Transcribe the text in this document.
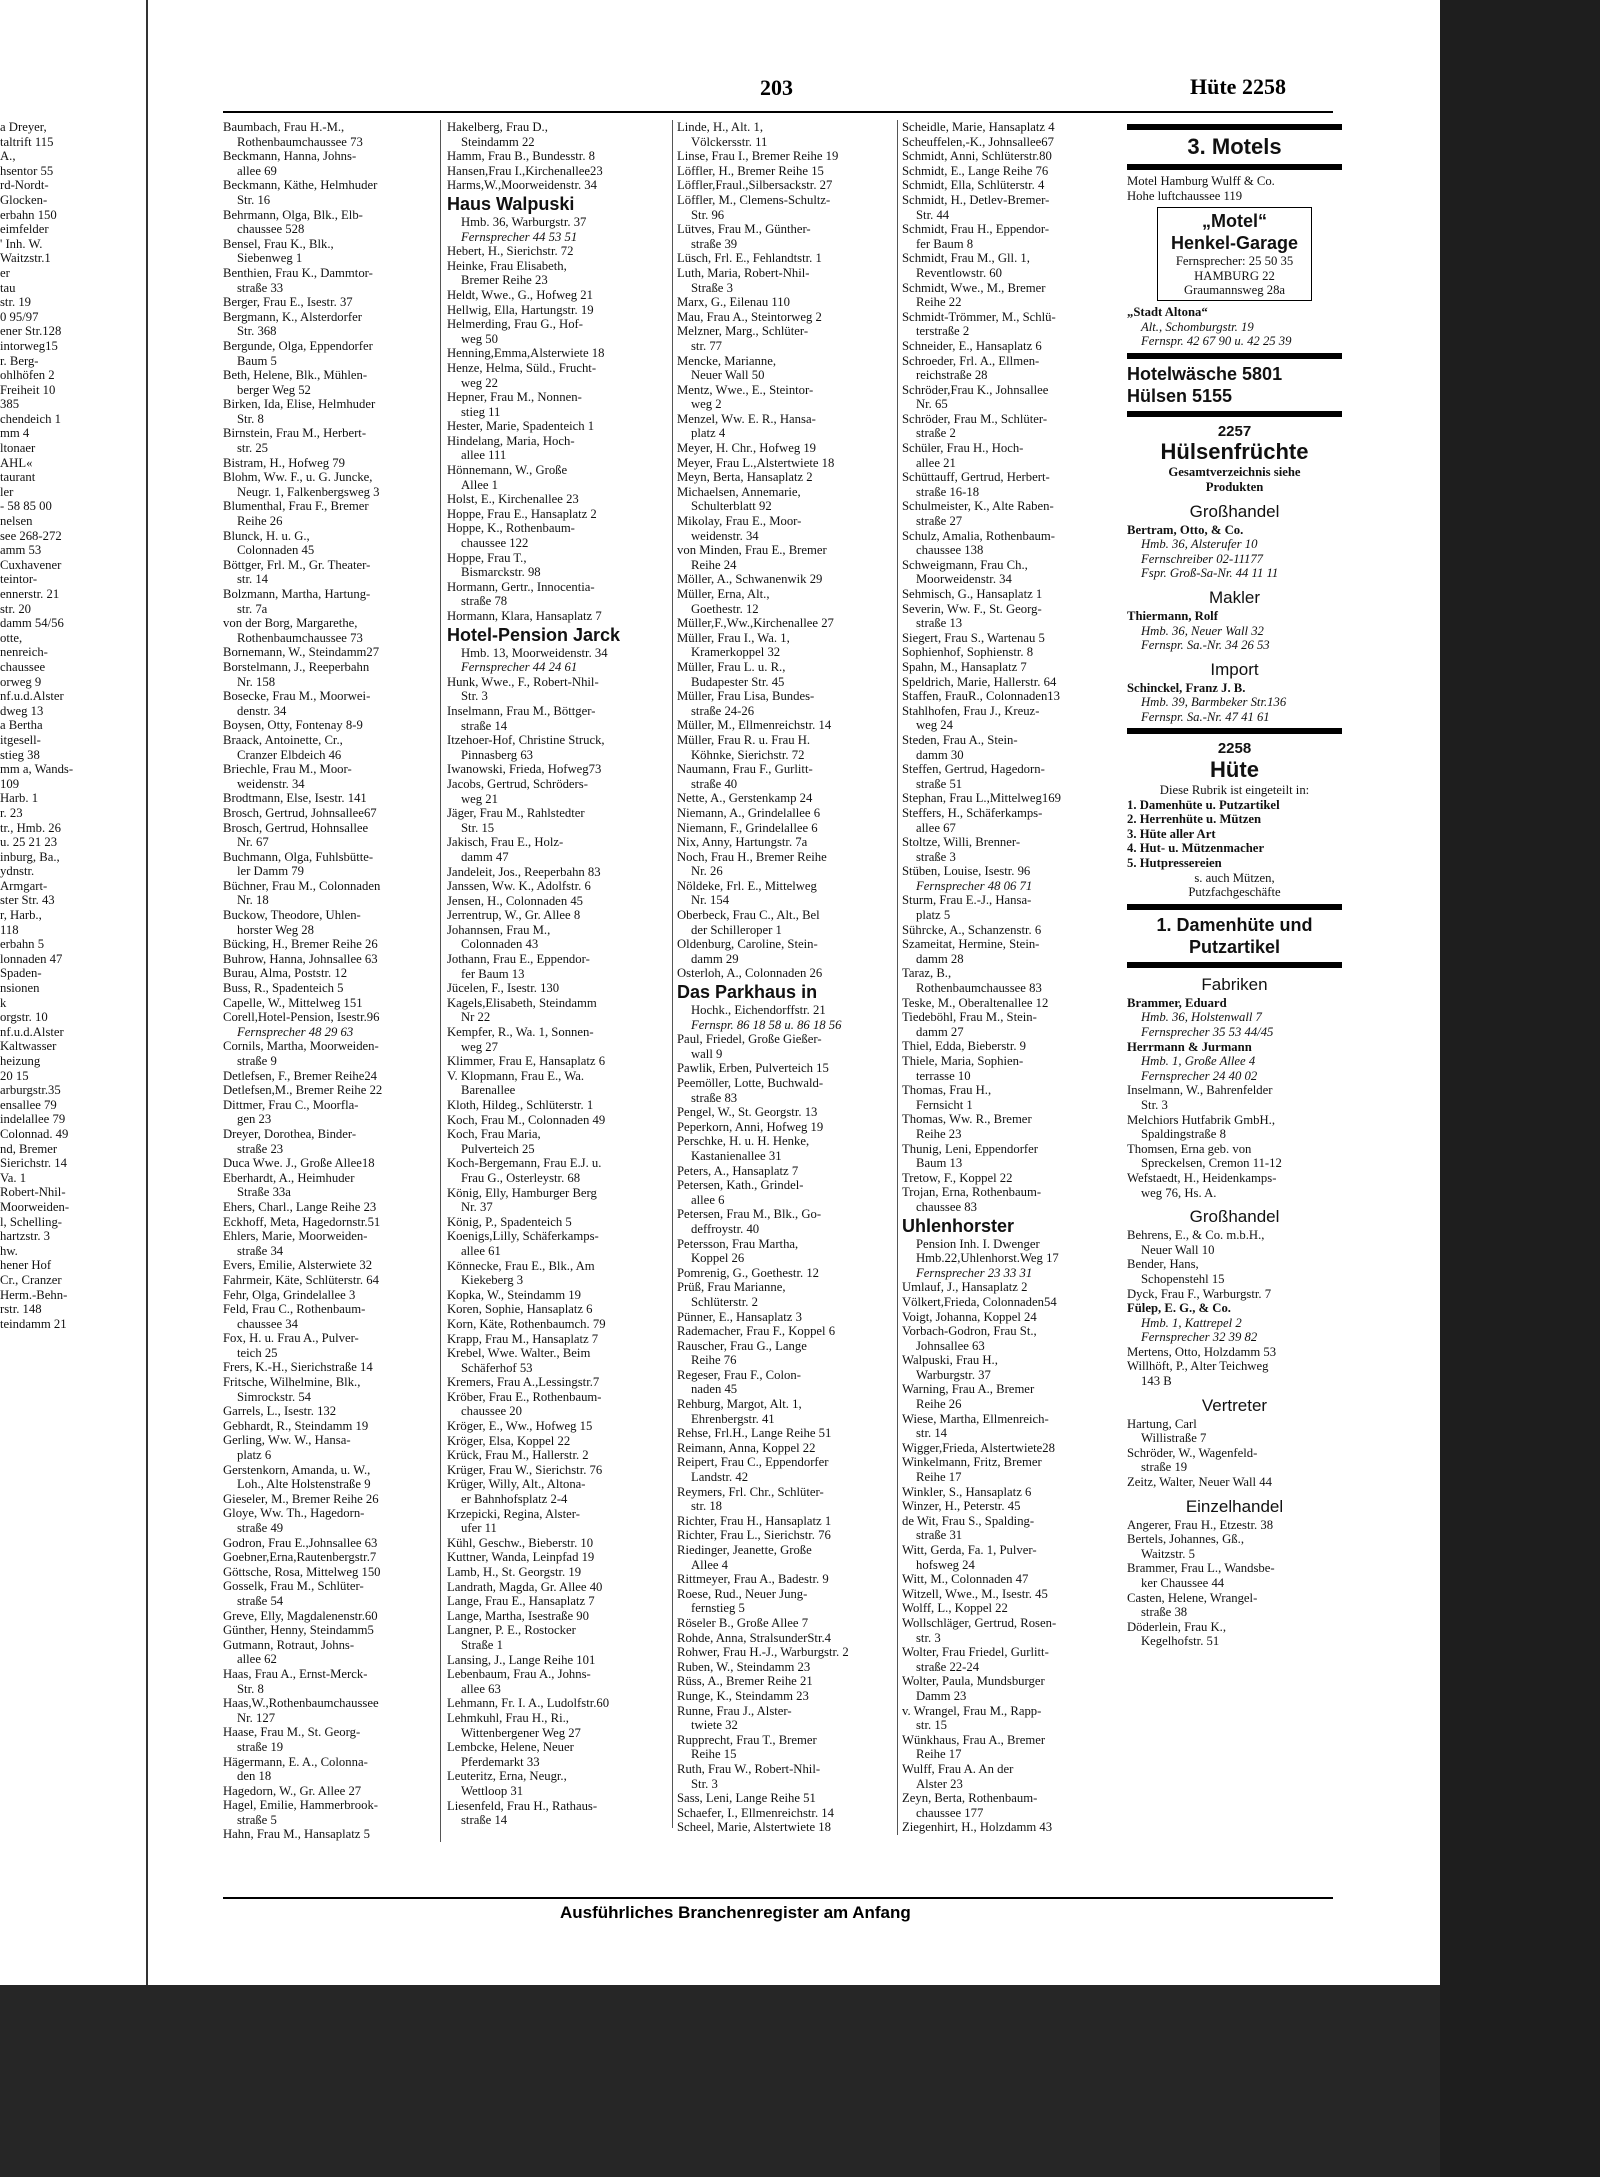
203	Hüte 2258
a Dreyer,
taltrift 115
A.,
hsentor 55
rd-Nordt-
Glocken-
erbahn 150
eimfelder
' Inh. W.
Waitzstr.1
er
tau
str. 19
0 95/97
ener Str.128
intorweg15
r. Berg-
ohlhöfen 2
Freiheit 10
385
chendeich 1
mm 4
ltonaer
AHL«
taurant
ler
- 58 85 00
nelsen
see 268-272
amm 53
Cuxhavener
teintor-
ennerstr. 21
str. 20
damm 54/56
otte,
nenreich-
chaussee
orweg 9
nf.u.d.Alster
dweg 13
a Bertha
itgesell-
stieg 38
mm a, Wands-
109
Harb. 1
r. 23
tr., Hmb. 26
u. 25 21 23
inburg, Ba.,
ydnstr.
Armgart-
ster Str. 43
r, Harb.,
118
erbahn 5
lonnaden 47
Spaden-
nsionen
k
orgstr. 10
nf.u.d.Alster
Kaltwasser
heizung
20 15
arburgstr.35
ensallee 79
indelallee 79
Colonnad. 49
nd, Bremer
Sierichstr. 14
Va. 1
Robert-Nhil-
Moorweiden-
l, Schelling-
hartzstr. 3
hw.
hener Hof
Cr., Cranzer
Herm.-Behn-
rstr. 148
teindamm 21
Baumbach, Frau H.-M.,
Rothenbaumchaussee 73
Beckmann, Hanna, Johns-
allee 69
Beckmann, Käthe, Helmhuder
Str. 16
Behrmann, Olga, Blk., Elb-
chaussee 528
Bensel, Frau K., Blk.,
Siebenweg 1
Benthien, Frau K., Dammtor-
straße 33
Berger, Frau E., Isestr. 37
Bergmann, K., Alsterdorfer
Str. 368
Bergunde, Olga, Eppendorfer
Baum 5
Beth, Helene, Blk., Mühlen-
berger Weg 52
Birken, Ida, Elise, Helmhuder
Str. 8
Birnstein, Frau M., Herbert-
str. 25
Bistram, H., Hofweg 79
Blohm, Ww. F., u. G. Juncke,
Neugr. 1, Falkenbergsweg 3
Blumenthal, Frau F., Bremer
Reihe 26
Blunck, H. u. G.,
Colonnaden 45
Böttger, Frl. M., Gr. Theater-
str. 14
Bolzmann, Martha, Hartung-
str. 7a
von der Borg, Margarethe,
Rothenbaumchaussee 73
Bornemann, W., Steindamm27
Borstelmann, J., Reeperbahn
Nr. 158
Bosecke, Frau M., Moorwei-
denstr. 34
Boysen, Otty, Fontenay 8-9
Braack, Antoinette, Cr.,
Cranzer Elbdeich 46
Briechle, Frau M., Moor-
weidenstr. 34
Brodtmann, Else, Isestr. 141
Brosch, Gertrud, Johnsallee67
Brosch, Gertrud, Hohnsallee
Nr. 67
Buchmann, Olga, Fuhlsbütte-
ler Damm 79
Büchner, Frau M., Colonnaden
Nr. 18
Buckow, Theodore, Uhlen-
horster Weg 28
Bücking, H., Bremer Reihe 26
Buhrow, Hanna, Johnsallee 63
Burau, Alma, Poststr. 12
Buss, R., Spadenteich 5
Capelle, W., Mittelweg 151
Corell,Hotel-Pension, Isestr.96
Fernsprecher 48 29 63
Cornils, Martha, Moorweiden-
straße 9
Detlefsen, F., Bremer Reihe24
Detlefsen,M., Bremer Reihe 22
Dittmer, Frau C., Moorfla-
gen 23
Dreyer, Dorothea, Binder-
straße 23
Duca Wwe. J., Große Allee18
Eberhardt, A., Heimhuder
Straße 33a
Ehers, Charl., Lange Reihe 23
Eckhoff, Meta, Hagedornstr.51
Ehlers, Marie, Moorweiden-
straße 34
Evers, Emilie, Alsterwiete 32
Fahrmeir, Käte, Schlüterstr. 64
Fehr, Olga, Grindelallee 3
Feld, Frau C., Rothenbaum-
chaussee 34
Fox, H. u. Frau A., Pulver-
teich 25
Frers, K.-H., Sierichstraße 14
Fritsche, Wilhelmine, Blk.,
Simrockstr. 54
Garrels, L., Isestr. 132
Gebhardt, R., Steindamm 19
Gerling, Ww. W., Hansa-
platz 6
Gerstenkorn, Amanda, u. W.,
Loh., Alte Holstenstraße 9
Gieseler, M., Bremer Reihe 26
Gloye, Ww. Th., Hagedorn-
straße 49
Godron, Frau E.,Johnsallee 63
Goebner,Erna,Rautenbergstr.7
Göttsche, Rosa, Mittelweg 150
Gosselk, Frau M., Schlüter-
straße 54
Greve, Elly, Magdalenenstr.60
Günther, Henny, Steindamm5
Gutmann, Rotraut, Johns-
allee 62
Haas, Frau A., Ernst-Merck-
Str. 8
Haas,W.,Rothenbaumchaussee
Nr. 127
Haase, Frau M., St. Georg-
straße 19
Hägermann, E. A., Colonna-
den 18
Hagedorn, W., Gr. Allee 27
Hagel, Emilie, Hammerbrook-
straße 5
Hahn, Frau M., Hansaplatz 5
Hakelberg, Frau D.,
Steindamm 22
Hamm, Frau B., Bundesstr. 8
Hansen,Frau I.,Kirchenallee23
Harms,W.,Moorweidenstr. 34
Haus Walpuski
Hmb. 36, Warburgstr. 37
Fernsprecher 44 53 51
Hebert, H., Sierichstr. 72
Heinke, Frau Elisabeth,
Bremer Reihe 23
Heldt, Wwe., G., Hofweg 21
Hellwig, Ella, Hartungstr. 19
Helmerding, Frau G., Hof-
weg 50
Henning,Emma,Alsterwiete 18
Henze, Helma, Süld., Frucht-
weg 22
Hepner, Frau M., Nonnen-
stieg 11
Hester, Marie, Spadenteich 1
Hindelang, Maria, Hoch-
allee 111
Hönnemann, W., Große
Allee 1
Holst, E., Kirchenallee 23
Hoppe, Frau E., Hansaplatz 2
Hoppe, K., Rothenbaum-
chaussee 122
Hoppe, Frau T.,
Bismarckstr. 98
Hormann, Gertr., Innocentia-
straße 78
Hormann, Klara, Hansaplatz 7
Hotel-Pension Jarck
Hmb. 13, Moorweidenstr. 34
Fernsprecher 44 24 61
Hunk, Wwe., F., Robert-Nhil-
Str. 3
Inselmann, Frau M., Böttger-
straße 14
Itzehoer-Hof, Christine Struck,
Pinnasberg 63
Iwanowski, Frieda, Hofweg73
Jacobs, Gertrud, Schröders-
weg 21
Jäger, Frau M., Rahlstedter
Str. 15
Jakisch, Frau E., Holz-
damm 47
Jandeleit, Jos., Reeperbahn 83
Janssen, Ww. K., Adolfstr. 6
Jensen, H., Colonnaden 45
Jerrentrup, W., Gr. Allee 8
Johannsen, Frau M.,
Colonnaden 43
Jothann, Frau E., Eppendor-
fer Baum 13
Jücelen, F., Isestr. 130
Kagels,Elisabeth, Steindamm
Nr 22
Kempfer, R., Wa. 1, Sonnen-
weg 27
Klimmer, Frau E, Hansaplatz 6
V. Klopmann, Frau E., Wa.
Barenallee
Kloth, Hildeg., Schlüterstr. 1
Koch, Frau M., Colonnaden 49
Koch, Frau Maria,
Pulverteich 25
Koch-Bergemann, Frau E.J. u.
Frau G., Osterleystr. 68
König, Elly, Hamburger Berg
Nr. 37
König, P., Spadenteich 5
Koenigs,Lilly, Schäferkamps-
allee 61
Könnecke, Frau E., Blk., Am
Kiekeberg 3
Kopka, W., Steindamm 19
Koren, Sophie, Hansaplatz 6
Korn, Käte, Rothenbaumch. 79
Krapp, Frau M., Hansaplatz 7
Krebel, Wwe. Walter., Beim
Schäferhof 53
Kremers, Frau A.,Lessingstr.7
Kröber, Frau E., Rothenbaum-
chaussee 20
Kröger, E., Ww., Hofweg 15
Kröger, Elsa, Koppel 22
Krück, Frau M., Hallerstr. 2
Krüger, Frau W., Sierichstr. 76
Krüger, Willy, Alt., Altona-
er Bahnhofsplatz 2-4
Krzepicki, Regina, Alster-
ufer 11
Kühl, Geschw., Bieberstr. 10
Kuttner, Wanda, Leinpfad 19
Lamb, H., St. Georgstr. 19
Landrath, Magda, Gr. Allee 40
Lange, Frau E., Hansaplatz 7
Lange, Martha, Isestraße 90
Langner, P. E., Rostocker
Straße 1
Lansing, J., Lange Reihe 101
Lebenbaum, Frau A., Johns-
allee 63
Lehmann, Fr. I. A., Ludolfstr.60
Lehmkuhl, Frau H., Ri.,
Wittenbergener Weg 27
Lembcke, Helene, Neuer
Pferdemarkt 33
Leuteritz, Erna, Neugr.,
Wettloop 31
Liesenfeld, Frau H., Rathaus-
straße 14
Linde, H., Alt. 1,
Völckersstr. 11
Linse, Frau I., Bremer Reihe 19
Löffler, H., Bremer Reihe 15
Löffler,Fraul.,Silbersackstr. 27
Löffler, M., Clemens-Schultz-
Str. 96
Lütves, Frau M., Günther-
straße 39
Lüsch, Frl. E., Fehlandtstr. 1
Luth, Maria, Robert-Nhil-
Straße 3
Marx, G., Eilenau 110
Mau, Frau A., Steintorweg 2
Melzner, Marg., Schlüter-
str. 77
Mencke, Marianne,
Neuer Wall 50
Mentz, Wwe., E., Steintor-
weg 2
Menzel, Ww. E. R., Hansa-
platz 4
Meyer, H. Chr., Hofweg 19
Meyer, Frau L.,Alstertwiete 18
Meyn, Berta, Hansaplatz 2
Michaelsen, Annemarie,
Schulterblatt 92
Mikolay, Frau E., Moor-
weidenstr. 34
von Minden, Frau E., Bremer
Reihe 24
Möller, A., Schwanenwik 29
Müller, Erna, Alt.,
Goethestr. 12
Müller,F.,Ww.,Kirchenallee 27
Müller, Frau I., Wa. 1,
Kramerkoppel 32
Müller, Frau L. u. R.,
Budapester Str. 45
Müller, Frau Lisa, Bundes-
straße 24-26
Müller, M., Ellmenreichstr. 14
Müller, Frau R. u. Frau H.
Köhnke, Sierichstr. 72
Naumann, Frau F., Gurlitt-
straße 40
Nette, A., Gerstenkamp 24
Niemann, A., Grindelallee 6
Niemann, F., Grindelallee 6
Nix, Anny, Hartungstr. 7a
Noch, Frau H., Bremer Reihe
Nr. 26
Nöldeke, Frl. E., Mittelweg
Nr. 154
Oberbeck, Frau C., Alt., Bel
der Schilleroper 1
Oldenburg, Caroline, Stein-
damm 29
Osterloh, A., Colonnaden 26
Das Parkhaus in
Hochk., Eichendorffstr. 21
Fernspr. 86 18 58 u. 86 18 56
Paul, Friedel, Große Gießer-
wall 9
Pawlik, Erben, Pulverteich 15
Peemöller, Lotte, Buchwald-
straße 83
Pengel, W., St. Georgstr. 13
Peperkorn, Anni, Hofweg 19
Perschke, H. u. H. Henke,
Kastanienallee 31
Peters, A., Hansaplatz 7
Petersen, Kath., Grindel-
allee 6
Petersen, Frau M., Blk., Go-
deffroystr. 40
Petersson, Frau Martha,
Koppel 26
Pomrenig, G., Goethestr. 12
Prüß, Frau Marianne,
Schlüterstr. 2
Pünner, E., Hansaplatz 3
Rademacher, Frau F., Koppel 6
Rauscher, Frau G., Lange
Reihe 76
Regeser, Frau F., Colon-
naden 45
Rehburg, Margot, Alt. 1,
Ehrenbergstr. 41
Rehse, Frl.H., Lange Reihe 51
Reimann, Anna, Koppel 22
Reipert, Frau C., Eppendorfer
Landstr. 42
Reymers, Frl. Chr., Schlüter-
str. 18
Richter, Frau H., Hansaplatz 1
Richter, Frau L., Sierichstr. 76
Riedinger, Jeanette, Große
Allee 4
Rittmeyer, Frau A., Badestr. 9
Roese, Rud., Neuer Jung-
fernstieg 5
Röseler B., Große Allee 7
Rohde, Anna, StralsunderStr.4
Rohwer, Frau H.-J., Warburgstr. 2
Ruben, W., Steindamm 23
Rüss, A., Bremer Reihe 21
Runge, K., Steindamm 23
Runne, Frau J., Alster-
twiete 32
Rupprecht, Frau T., Bremer
Reihe 15
Ruth, Frau W., Robert-Nhil-
Str. 3
Sass, Leni, Lange Reihe 51
Schaefer, I., Ellmenreichstr. 14
Scheel, Marie, Alstertwiete 18
Scheidle, Marie, Hansaplatz 4
Scheuffelen,-K., Johnsallee67
Schmidt, Anni, Schlüterstr.80
Schmidt, E., Lange Reihe 76
Schmidt, Ella, Schlüterstr. 4
Schmidt, H., Detlev-Bremer-
Str. 44
Schmidt, Frau H., Eppendor-
fer Baum 8
Schmidt, Frau M., Gll. 1,
Reventlowstr. 60
Schmidt, Wwe., M., Bremer
Reihe 22
Schmidt-Trömmer, M., Schlü-
terstraße 2
Schneider, E., Hansaplatz 6
Schroeder, Frl. A., Ellmen-
reichstraße 28
Schröder,Frau K., Johnsallee
Nr. 65
Schröder, Frau M., Schlüter-
straße 2
Schüler, Frau H., Hoch-
allee 21
Schüttauff, Gertrud, Herbert-
straße 16-18
Schulmeister, K., Alte Raben-
straße 27
Schulz, Amalia, Rothenbaum-
chaussee 138
Schweigmann, Frau Ch.,
Moorweidenstr. 34
Sehmisch, G., Hansaplatz 1
Severin, Ww. F., St. Georg-
straße 13
Siegert, Frau S., Wartenau 5
Sophienhof, Sophienstr. 8
Spahn, M., Hansaplatz 7
Speldrich, Marie, Hallerstr. 64
Staffen, FrauR., Colonnaden13
Stahlhofen, Frau J., Kreuz-
weg 24
Steden, Frau A., Stein-
damm 30
Steffen, Gertrud, Hagedorn-
straße 51
Stephan, Frau L.,Mittelweg169
Steffers, H., Schäferkamps-
allee 67
Stoltze, Willi, Brenner-
straße 3
Stüben, Louise, Isestr. 96
Fernsprecher 48 06 71
Sturm, Frau E.-J., Hansa-
platz 5
Sührcke, A., Schanzenstr. 6
Szameitat, Hermine, Stein-
damm 28
Taraz, B.,
Rothenbaumchaussee 83
Teske, M., Oberaltenallee 12
Tiedeböhl, Frau M., Stein-
damm 27
Thiel, Edda, Bieberstr. 9
Thiele, Maria, Sophien-
terrasse 10
Thomas, Frau H.,
Fernsicht 1
Thomas, Ww. R., Bremer
Reihe 23
Thunig, Leni, Eppendorfer
Baum 13
Tretow, F., Koppel 22
Trojan, Erna, Rothenbaum-
chaussee 83
Uhlenhorster
Pension Inh. I. Dwenger
Hmb.22,Uhlenhorst.Weg 17
Fernsprecher 23 33 31
Umlauf, J., Hansaplatz 2
Völkert,Frieda, Colonnaden54
Voigt, Johanna, Koppel 24
Vorbach-Godron, Frau St.,
Johnsallee 63
Walpuski, Frau H.,
Warburgstr. 37
Warning, Frau A., Bremer
Reihe 26
Wiese, Martha, Ellmenreich-
str. 14
Wigger,Frieda, Alstertwiete28
Winkelmann, Fritz, Bremer
Reihe 17
Winkler, S., Hansaplatz 6
Winzer, H., Peterstr. 45
de Wit, Frau S., Spalding-
straße 31
Witt, Gerda, Fa. 1, Pulver-
hofsweg 24
Witt, M., Colonnaden 47
Witzell, Wwe., M., Isestr. 45
Wolff, L., Koppel 22
Wollschläger, Gertrud, Rosen-
str. 3
Wolter, Frau Friedel, Gurlitt-
straße 22-24
Wolter, Paula, Mundsburger
Damm 23
v. Wrangel, Frau M., Rapp-
str. 15
Wünkhaus, Frau A., Bremer
Reihe 17
Wulff, Frau A. An der
Alster 23
Zeyn, Berta, Rothenbaum-
chaussee 177
Ziegenhirt, H., Holzdamm 43
3. Motels
Motel Hamburg Wulff & Co.
Hohe luftchaussee 119
„Motel“
Henkel-Garage
Fernsprecher: 25 50 35
HAMBURG 22
Graumannsweg 28a
„Stadt Altona“
Alt., Schomburgstr. 19
Fernspr. 42 67 90 u. 42 25 39
Hotelwäsche 5801
Hülsen 5155
2257
Hülsenfrüchte
Gesamtverzeichnis siehe
Produkten
Großhandel
Bertram, Otto, & Co.
Hmb. 36, Alsterufer 10
Fernschreiber 02-11177
Fspr. Groß-Sa-Nr. 44 11 11
Makler
Thiermann, Rolf
Hmb. 36, Neuer Wall 32
Fernspr. Sa.-Nr. 34 26 53
Import
Schinckel, Franz J. B.
Hmb. 39, Barmbeker Str.136
Fernspr. Sa.-Nr. 47 41 61
2258
Hüte
Diese Rubrik ist eingeteilt in:
1. Damenhüte u. Putzartikel
2. Herrenhüte u. Mützen
3. Hüte aller Art
4. Hut- u. Mützenmacher
5. Hutpressereien
s. auch Mützen,
Putzfachgeschäfte
1. Damenhüte und
Putzartikel
Fabriken
Brammer, Eduard
Hmb. 36, Holstenwall 7
Fernsprecher 35 53 44/45
Herrmann & Jurmann
Hmb. 1, Große Allee 4
Fernsprecher 24 40 02
Inselmann, W., Bahrenfelder
Str. 3
Melchiors Hutfabrik GmbH.,
Spaldingstraße 8
Thomsen, Erna geb. von
Spreckelsen, Cremon 11-12
Wefstaedt, H., Heidenkamps-
weg 76, Hs. A.
Großhandel
Behrens, E., & Co. m.b.H.,
Neuer Wall 10
Bender, Hans,
Schopenstehl 15
Dyck, Frau F., Warburgstr. 7
Fülep, E. G., & Co.
Hmb. 1, Kattrepel 2
Fernsprecher 32 39 82
Mertens, Otto, Holzdamm 53
Willhöft, P., Alter Teichweg
143 B
Vertreter
Hartung, Carl
Willistraße 7
Schröder, W., Wagenfeld-
straße 19
Zeitz, Walter, Neuer Wall 44
Einzelhandel
Angerer, Frau H., Etzestr. 38
Bertels, Johannes, Gß.,
Waitzstr. 5
Brammer, Frau L., Wandsbe-
ker Chaussee 44
Casten, Helene, Wrangel-
straße 38
Döderlein, Frau K.,
Kegelhofstr. 51
Ausführliches Branchenregister am Anfang
